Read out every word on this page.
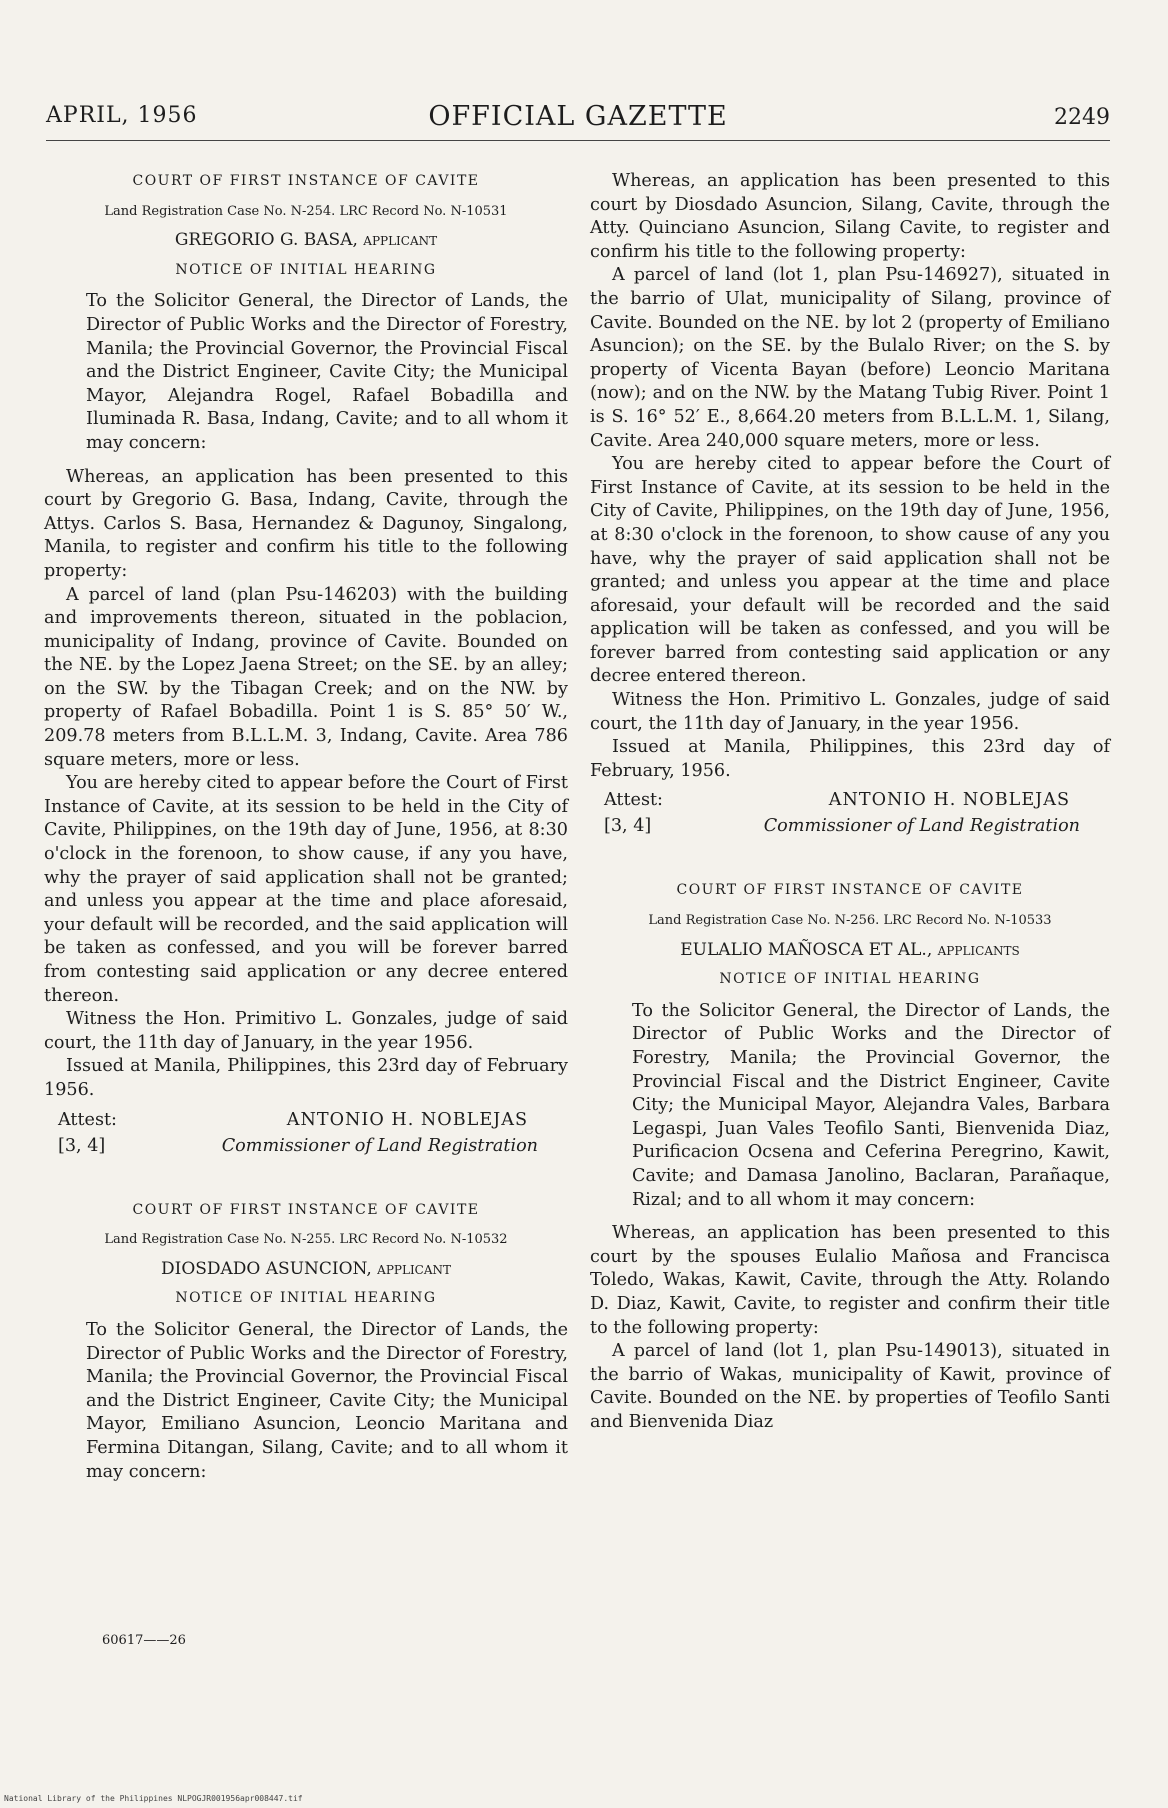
APRIL, 1956	OFFICIAL GAZETTE	2249
COURT OF FIRST INSTANCE OF CAVITE
Land Registration Case No. N-254. LRC Record No. N-10531
GREGORIO G. BASA, applicant
NOTICE OF INITIAL HEARING

To the Solicitor General, the Director of Lands, the Director of Public Works and the Director of Forestry, Manila; the Provincial Governor, the Provincial Fiscal and the District Engineer, Cavite City; the Municipal Mayor, Alejandra Rogel, Rafael Bobadilla and Iluminada R. Basa, Indang, Cavite; and to all whom it may concern:

Whereas, an application has been presented to this court by Gregorio G. Basa, Indang, Cavite, through the Attys. Carlos S. Basa, Hernandez & Dagunoy, Singalong, Manila, to register and confirm his title to the following property:

A parcel of land (plan Psu-146203) with the building and improvements thereon, situated in the poblacion, municipality of Indang, province of Cavite. Bounded on the NE. by the Lopez Jaena Street; on the SE. by an alley; on the SW. by the Tibagan Creek; and on the NW. by property of Rafael Bobadilla. Point 1 is S. 85° 50′ W., 209.78 meters from B.L.L.M. 3, Indang, Cavite. Area 786 square meters, more or less.

You are hereby cited to appear before the Court of First Instance of Cavite, at its session to be held in the City of Cavite, Philippines, on the 19th day of June, 1956, at 8:30 o'clock in the forenoon, to show cause, if any you have, why the prayer of said application shall not be granted; and unless you appear at the time and place aforesaid, your default will be recorded, and the said application will be taken as confessed, and you will be forever barred from contesting said application or any decree entered thereon.

Witness the Hon. Primitivo L. Gonzales, judge of said court, the 11th day of January, in the year 1956.

Issued at Manila, Philippines, this 23rd day of February 1956.

Attest:	ANTONIO H. NOBLEJAS
[3, 4]	Commissioner of Land Registration
COURT OF FIRST INSTANCE OF CAVITE
Land Registration Case No. N-255. LRC Record No. N-10532
DIOSDADO ASUNCION, applicant
NOTICE OF INITIAL HEARING

To the Solicitor General, the Director of Lands, the Director of Public Works and the Director of Forestry, Manila; the Provincial Governor, the Provincial Fiscal and the District Engineer, Cavite City; the Municipal Mayor, Emiliano Asuncion, Leoncio Maritana and Fermina Ditangan, Silang, Cavite; and to all whom it may concern:

60617——26

Whereas, an application has been presented to this court by Diosdado Asuncion, Silang, Cavite, through the Atty. Quinciano Asuncion, Silang Cavite, to register and confirm his title to the following property:

A parcel of land (lot 1, plan Psu-146927), situated in the barrio of Ulat, municipality of Silang, province of Cavite. Bounded on the NE. by lot 2 (property of Emiliano Asuncion); on the SE. by the Bulalo River; on the S. by property of Vicenta Bayan (before) Leoncio Maritana (now); and on the NW. by the Matang Tubig River. Point 1 is S. 16° 52′ E., 8,664.20 meters from B.L.L.M. 1, Silang, Cavite. Area 240,000 square meters, more or less.

You are hereby cited to appear before the Court of First Instance of Cavite, at its session to be held in the City of Cavite, Philippines, on the 19th day of June, 1956, at 8:30 o'clock in the forenoon, to show cause of any you have, why the prayer of said application shall not be granted; and unless you appear at the time and place aforesaid, your default will be recorded and the said application will be taken as confessed, and you will be forever barred from contesting said application or any decree entered thereon.

Witness the Hon. Primitivo L. Gonzales, judge of said court, the 11th day of January, in the year 1956.

Issued at Manila, Philippines, this 23rd day of February, 1956.

Attest:	ANTONIO H. NOBLEJAS
[3, 4]	Commissioner of Land Registration
COURT OF FIRST INSTANCE OF CAVITE
Land Registration Case No. N-256. LRC Record No. N-10533
EULALIO MAÑOSCA ET AL., applicants
NOTICE OF INITIAL HEARING

To the Solicitor General, the Director of Lands, the Director of Public Works and the Director of Forestry, Manila; the Provincial Governor, the Provincial Fiscal and the District Engineer, Cavite City; the Municipal Mayor, Alejandra Vales, Barbara Legaspi, Juan Vales Teofilo Santi, Bienvenida Diaz, Purificacion Ocsena and Ceferina Peregrino, Kawit, Cavite; and Damasa Janolino, Baclaran, Parañaque, Rizal; and to all whom it may concern:

Whereas, an application has been presented to this court by the spouses Eulalio Mañosa and Francisca Toledo, Wakas, Kawit, Cavite, through the Atty. Rolando D. Diaz, Kawit, Cavite, to register and confirm their title to the following property:

A parcel of land (lot 1, plan Psu-149013), situated in the barrio of Wakas, municipality of Kawit, province of Cavite. Bounded on the NE. by properties of Teofilo Santi and Bienvenida Diaz

National Library of the Philippines NLPOGJR001956apr008447.tif
